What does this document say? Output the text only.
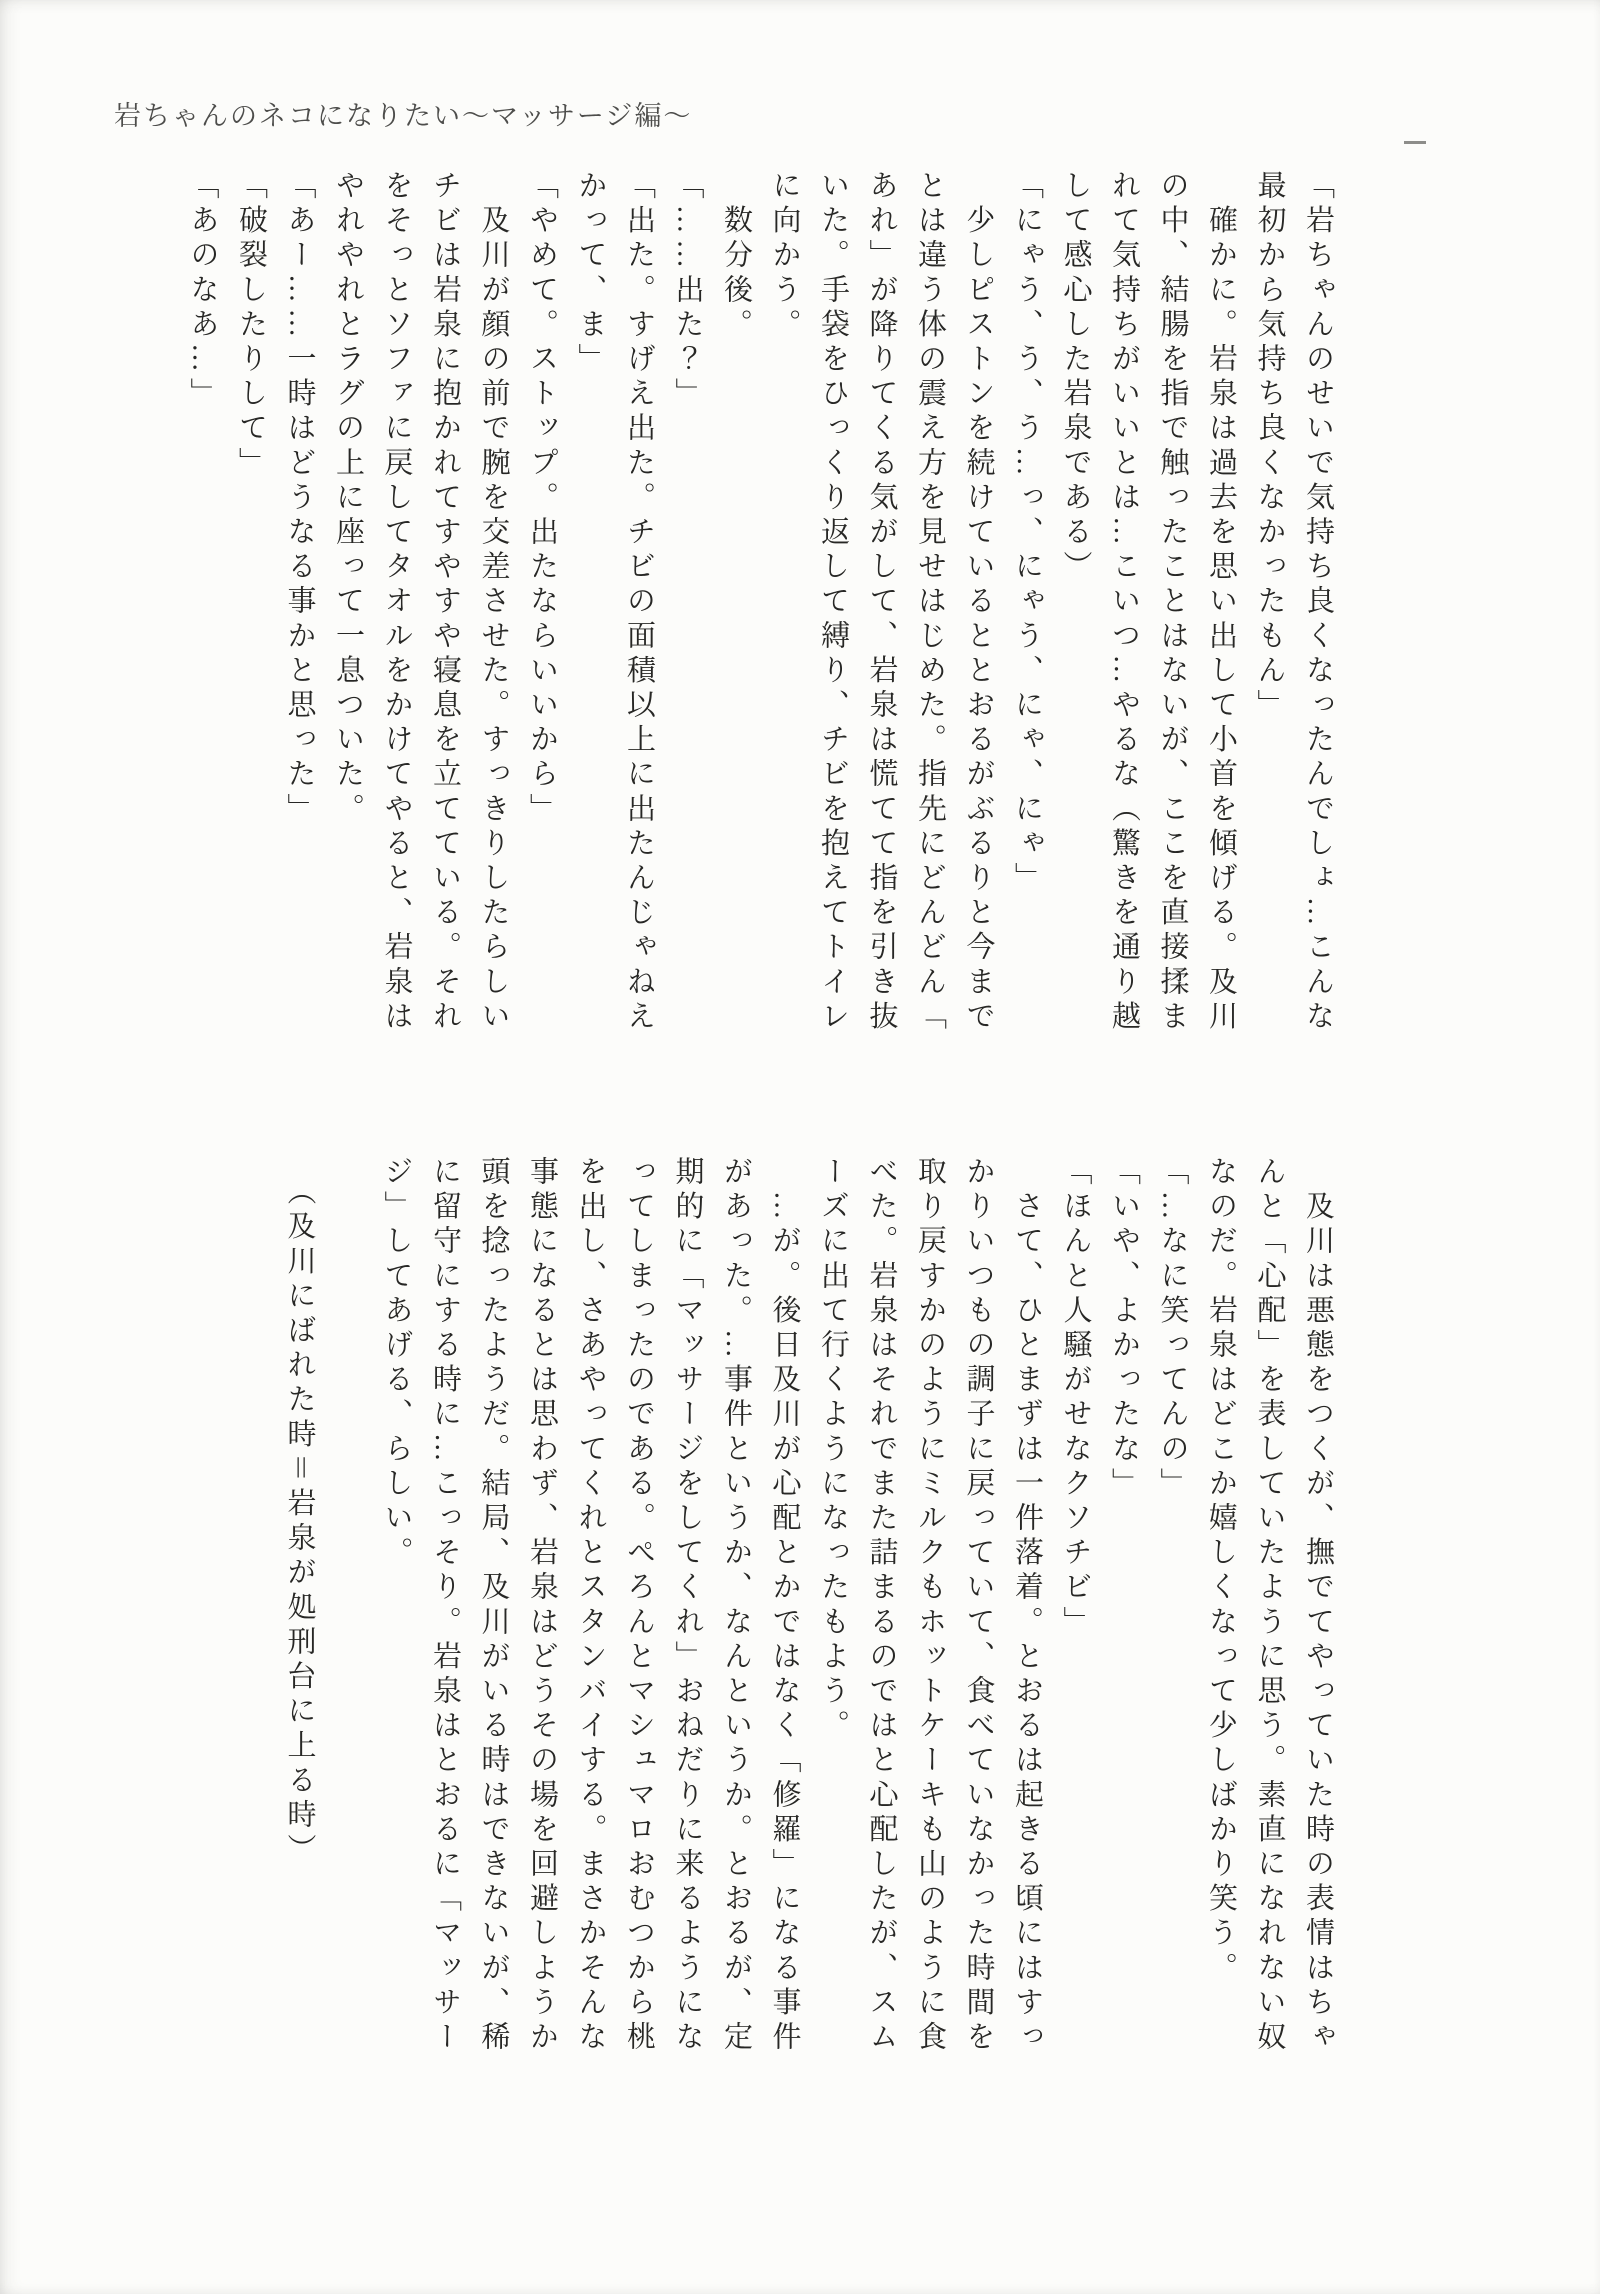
岩ちゃんのネコになりたい～マッサージ編～

「岩ちゃんのせいで気持ち良くなったんでしょ…こんな

最初から気持ち良くなかったもん」

　確かに。岩泉は過去を思い出して小首を傾げる。及川

の中、結腸を指で触ったことはないが、ここを直接揉ま

れて気持ちがいいとは…こいつ…やるな（驚きを通り越

して感心した岩泉である）

「にゃう、う、う…っ、にゃう、にゃ、にゃ」

　少しピストンを続けているととおるがぶるりと今まで

とは違う体の震え方を見せはじめた。指先にどんどん「

あれ」が降りてくる気がして、岩泉は慌てて指を引き抜

いた。手袋をひっくり返して縛り、チビを抱えてトイレ

に向かう。

　数分後。

「……出た？」

「出た。すげえ出た。チビの面積以上に出たんじゃねえ

かって、ま」

「やめて。ストップ。出たならいいから」

　及川が顔の前で腕を交差させた。すっきりしたらしい

チビは岩泉に抱かれてすやすや寝息を立てている。それ

をそっとソファに戻してタオルをかけてやると、岩泉は

やれやれとラグの上に座って一息ついた。

「あー……一時はどうなる事かと思った」

「破裂したりして」

「あのなあ…」

　及川は悪態をつくが、撫でてやっていた時の表情はちゃ

んと「心配」を表していたように思う。素直になれない奴

なのだ。岩泉はどこか嬉しくなって少しばかり笑う。

「…なに笑ってんの」

「いや、よかったな」

「ほんと人騒がせなクソチビ」

　さて、ひとまずは一件落着。とおるは起きる頃にはすっ

かりいつもの調子に戻っていて、食べていなかった時間を

取り戻すかのようにミルクもホットケーキも山のように食

べた。岩泉はそれでまた詰まるのではと心配したが、スム

ーズに出て行くようになったもよう。

　…が。後日及川が心配とかではなく「修羅」になる事件

があった。…事件というか、なんというか。とおるが、定

期的に「マッサージをしてくれ」おねだりに来るようにな

ってしまったのである。ぺろんとマシュマロおむつから桃

を出し、さあやってくれとスタンバイする。まさかそんな

事態になるとは思わず、岩泉はどうその場を回避しようか

頭を捻ったようだ。結局、及川がいる時はできないが、稀

に留守にする時に…こっそり。岩泉はとおるに「マッサー

ジ」してあげる、らしい。

　（及川にばれた時＝岩泉が処刑台に上る時）
